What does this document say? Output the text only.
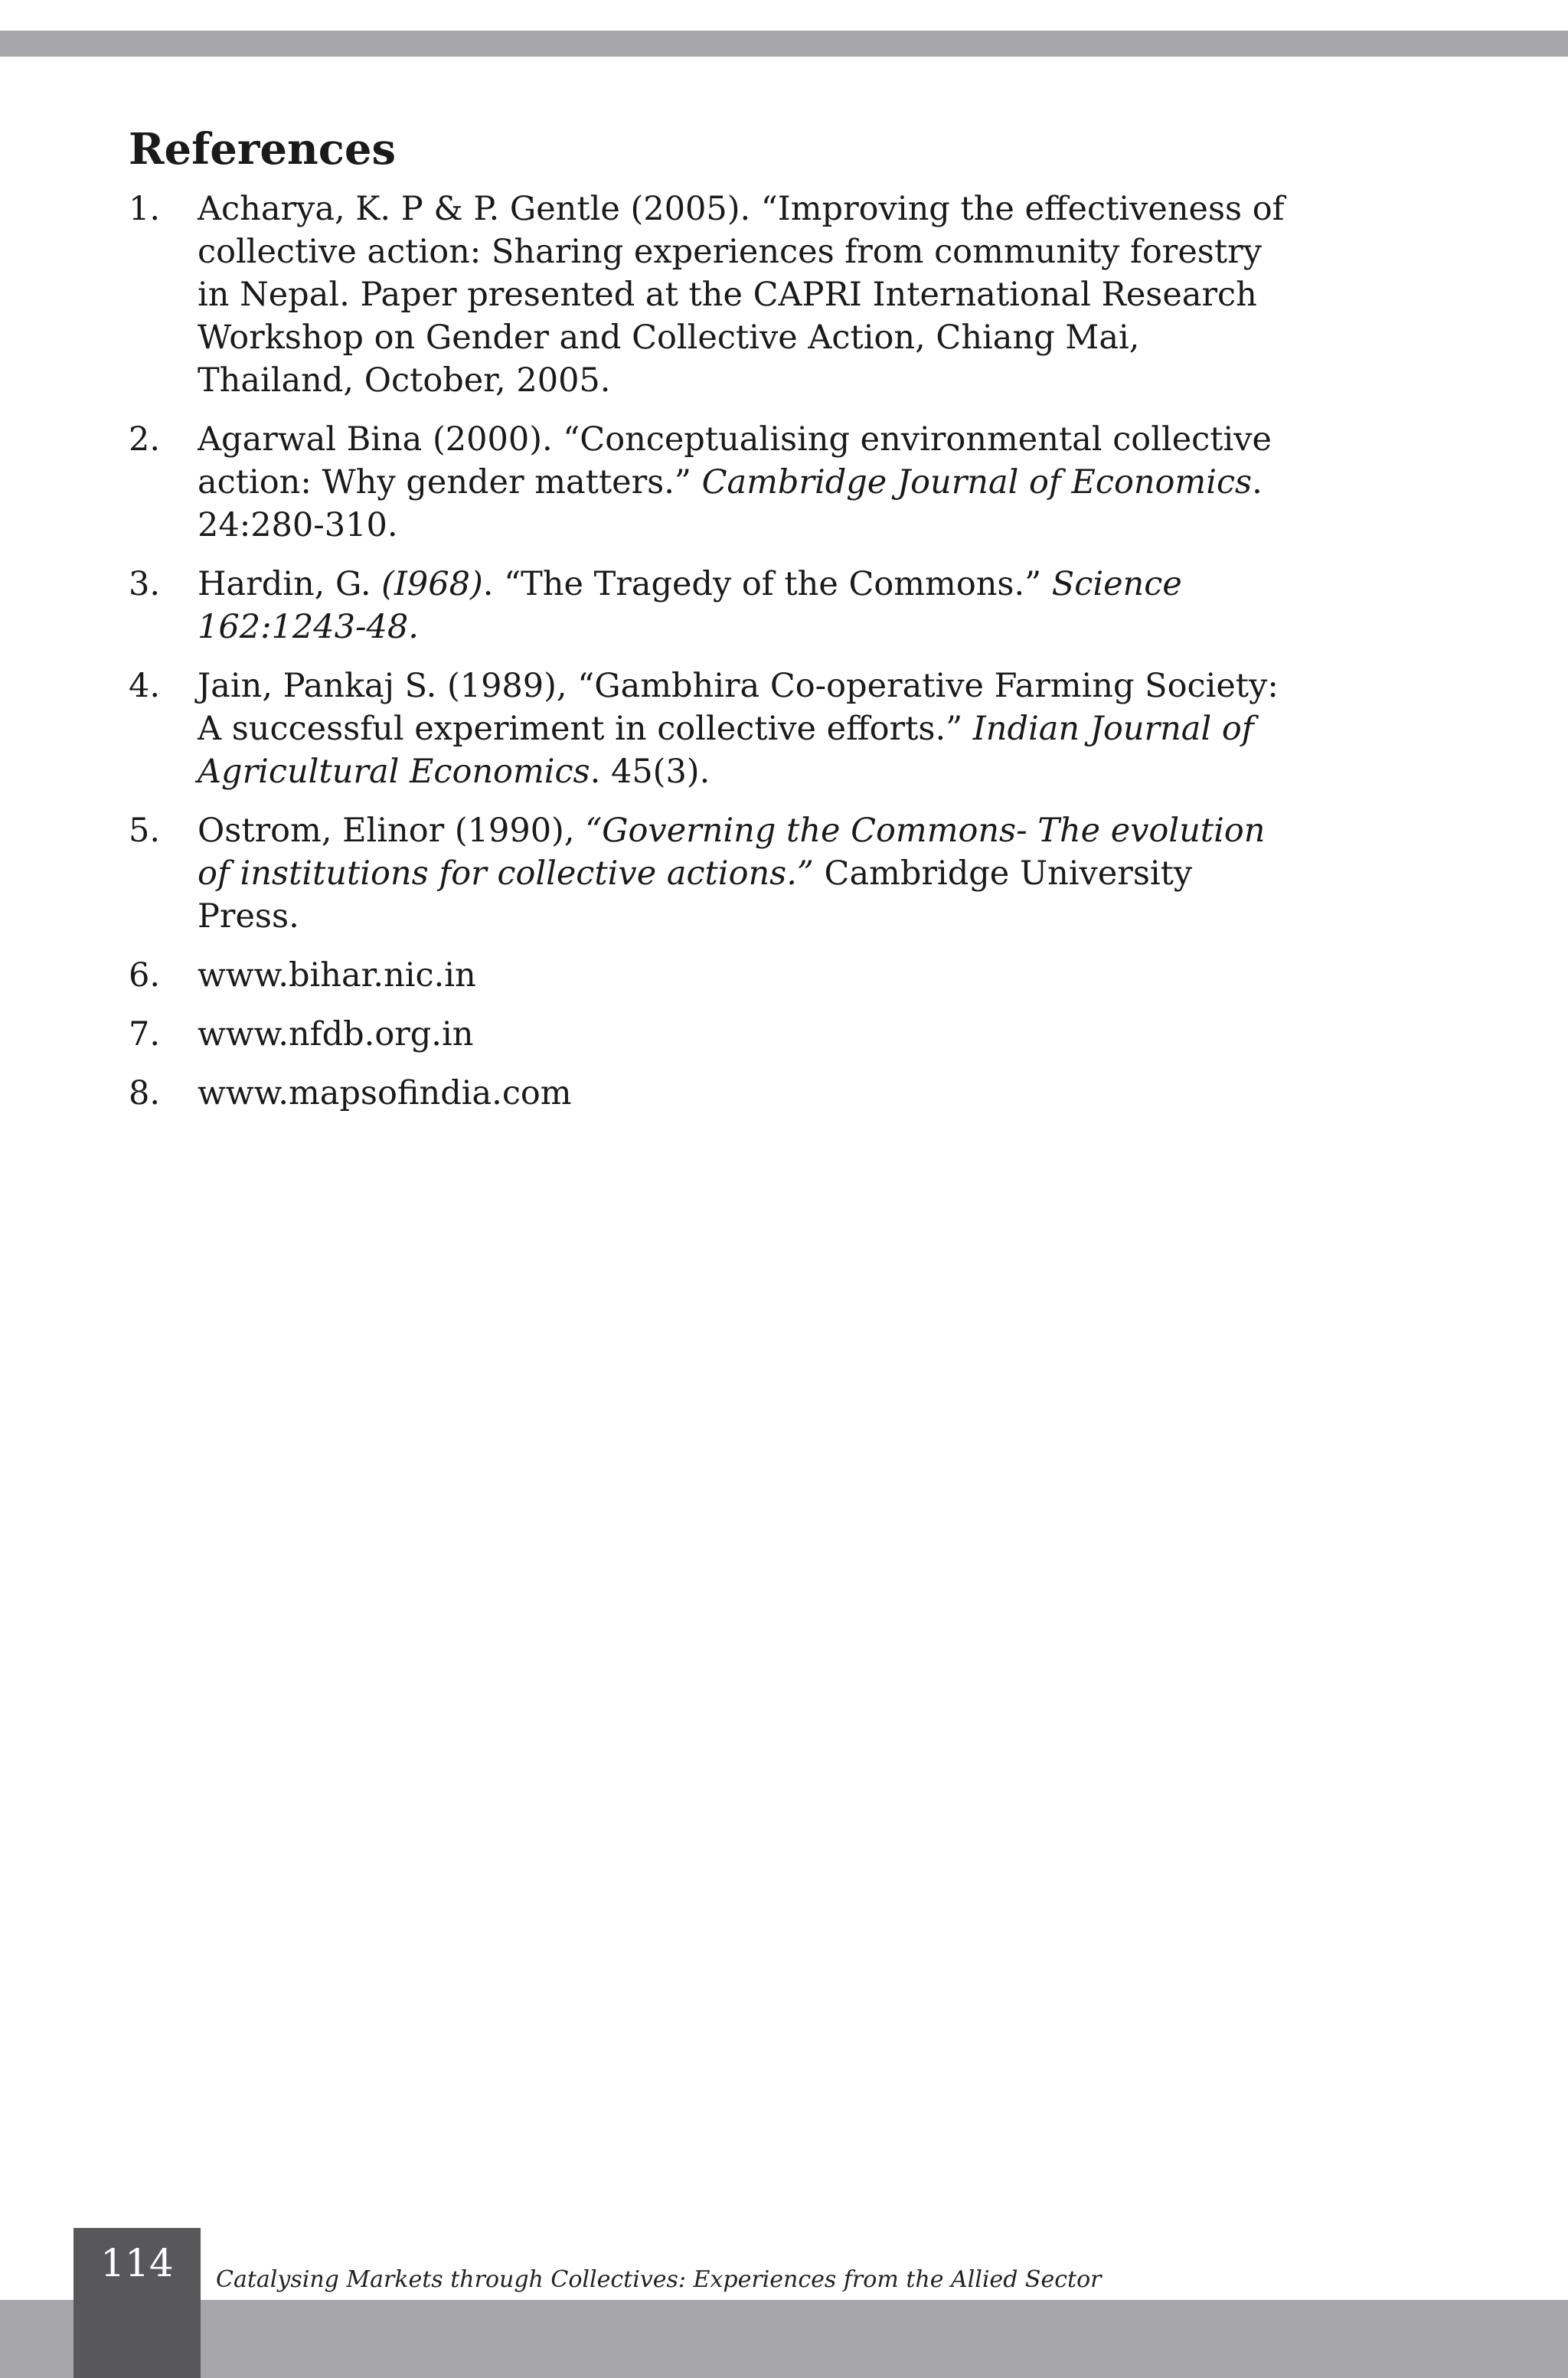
References
1. Acharya, K. P & P. Gentle (2005). “Improving the effectiveness of collective action: Sharing experiences from community forestry in Nepal. Paper presented at the CAPRI International Research Workshop on Gender and Collective Action, Chiang Mai, Thailand, October, 2005.
2. Agarwal Bina (2000). “Conceptualising environmental collective action: Why gender matters.” Cambridge Journal of Economics. 24:280-310.
3. Hardin, G. (I968). “The Tragedy of the Commons.” Science 162:1243-48.
4. Jain, Pankaj S. (1989), “Gambhira Co-operative Farming Society: A successful experiment in collective efforts.” Indian Journal of Agricultural Economics. 45(3).
5. Ostrom, Elinor (1990), “Governing the Commons- The evolution of institutions for collective actions.” Cambridge University Press.
6. www.bihar.nic.in
7. www.nfdb.org.in
8. www.mapsofindia.com
114	Catalysing Markets through Collectives: Experiences from the Allied Sector
